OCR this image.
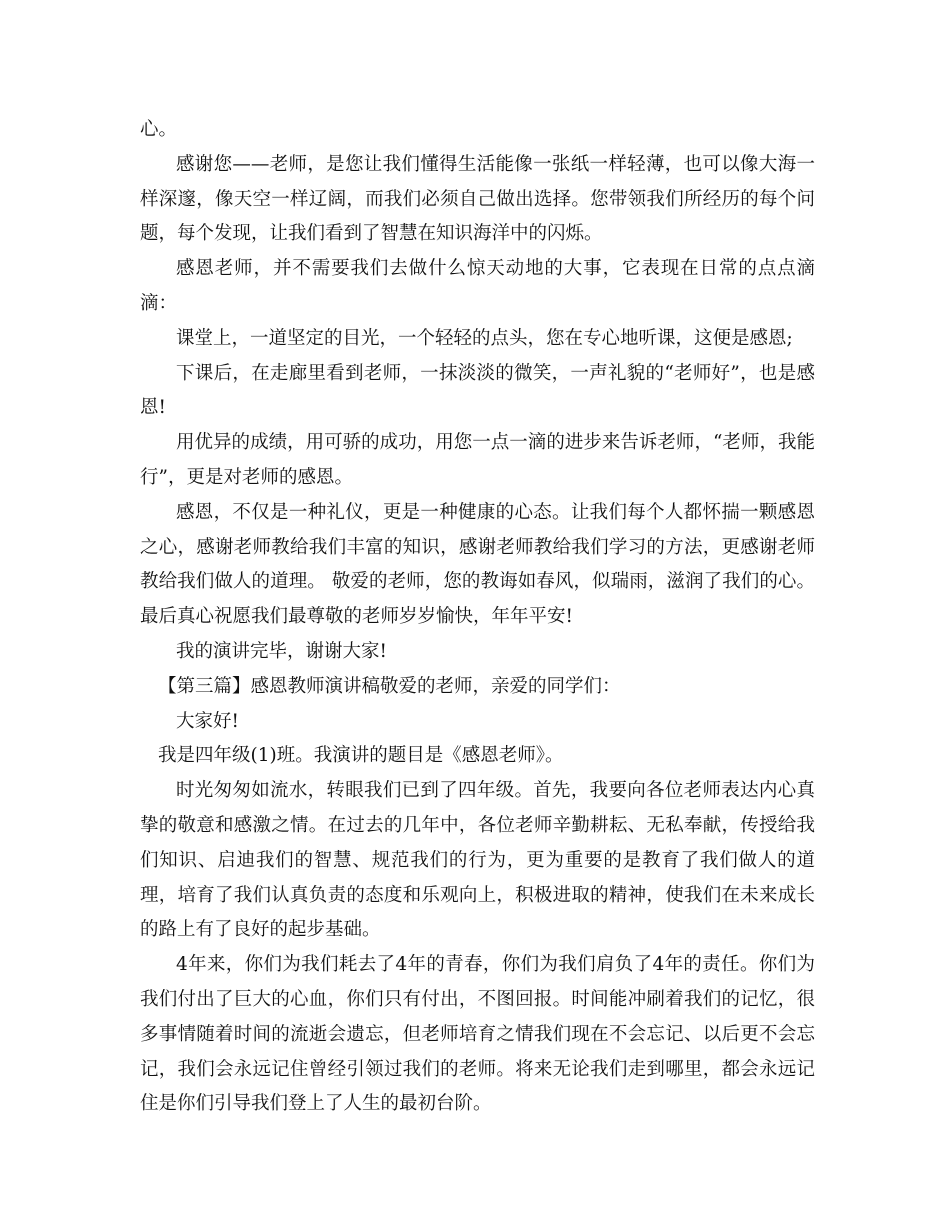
心。

感谢您——老师，是您让我们懂得生活能像一张纸一样轻薄，也可以像大海一样深邃，像天空一样辽阔，而我们必须自己做出选择。您带领我们所经历的每个问题，每个发现，让我们看到了智慧在知识海洋中的闪烁。

感恩老师，并不需要我们去做什么惊天动地的大事，它表现在日常的点点滴滴：

课堂上，一道坚定的目光，一个轻轻的点头，您在专心地听课，这便是感恩;

下课后，在走廊里看到老师，一抹淡淡的微笑，一声礼貌的“老师好”，也是感恩!

用优异的成绩，用可骄的成功，用您一点一滴的进步来告诉老师，“老师，我能行”，更是对老师的感恩。

感恩，不仅是一种礼仪，更是一种健康的心态。让我们每个人都怀揣一颗感恩之心，感谢老师教给我们丰富的知识，感谢老师教给我们学习的方法，更感谢老师教给我们做人的道理。 敬爱的老师，您的教诲如春风，似瑞雨，滋润了我们的心。最后真心祝愿我们最尊敬的老师岁岁愉快，年年平安!

我的演讲完毕，谢谢大家!

【第三篇】感恩教师演讲稿敬爱的老师，亲爱的同学们：

大家好!

我是四年级(1)班。我演讲的题目是《感恩老师》。

时光匆匆如流水，转眼我们已到了四年级。首先，我要向各位老师表达内心真挚的敬意和感激之情。在过去的几年中，各位老师辛勤耕耘、无私奉献，传授给我们知识、启迪我们的智慧、规范我们的行为，更为重要的是教育了我们做人的道理，培育了我们认真负责的态度和乐观向上，积极进取的精神，使我们在未来成长的路上有了良好的起步基础。

4年来，你们为我们耗去了4年的青春，你们为我们肩负了4年的责任。你们为我们付出了巨大的心血，你们只有付出，不图回报。时间能冲刷着我们的记忆，很多事情随着时间的流逝会遗忘，但老师培育之情我们现在不会忘记、以后更不会忘记，我们会永远记住曾经引领过我们的老师。将来无论我们走到哪里，都会永远记住是你们引导我们登上了人生的最初台阶。
